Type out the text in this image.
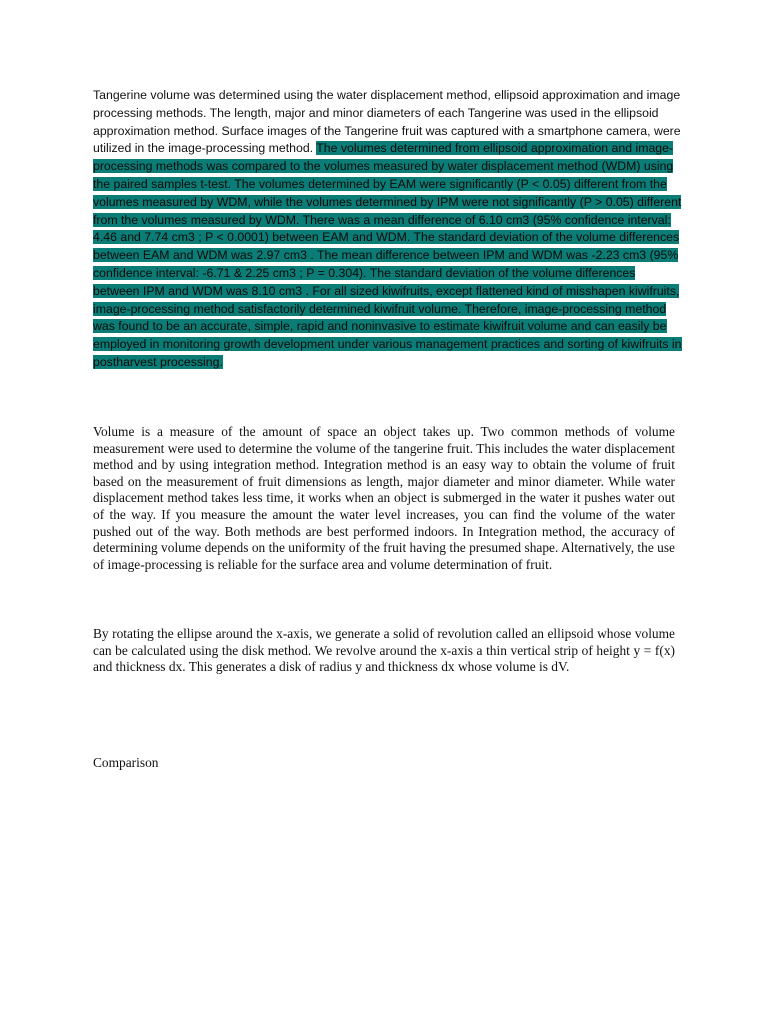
Tangerine volume was determined using the water displacement method, ellipsoid approximation and image processing methods. The length, major and minor diameters of each Tangerine was used in the ellipsoid approximation method. Surface images of the Tangerine fruit was captured with a smartphone camera, were utilized in the image-processing method. The volumes determined from ellipsoid approximation and image-processing methods was compared to the volumes measured by water displacement method (WDM) using the paired samples t-test. The volumes determined by EAM were significantly (P < 0.05) different from the volumes measured by WDM, while the volumes determined by IPM were not significantly (P > 0.05) different from the volumes measured by WDM. There was a mean difference of 6.10 cm3 (95% confidence interval: 4.46 and 7.74 cm3 ; P < 0.0001) between EAM and WDM. The standard deviation of the volume differences between EAM and WDM was 2.97 cm3 . The mean difference between IPM and WDM was -2.23 cm3 (95% confidence interval: -6.71 & 2.25 cm3 ; P = 0.304). The standard deviation of the volume differences between IPM and WDM was 8.10 cm3 . For all sized kiwifruits, except flattened kind of misshapen kiwifruits, image-processing method satisfactorily determined kiwifruit volume. Therefore, image-processing method was found to be an accurate, simple, rapid and noninvasive to estimate kiwifruit volume and can easily be employed in monitoring growth development under various management practices and sorting of kiwifruits in postharvest processing.

Volume is a measure of the amount of space an object takes up. Two common methods of volume measurement were used to determine the volume of the tangerine fruit. This includes the water displacement method and by using integration method. Integration method is an easy way to obtain the volume of fruit based on the measurement of fruit dimensions as length, major diameter and minor diameter. While water displacement method takes less time, it works when an object is submerged in the water it pushes water out of the way. If you measure the amount the water level increases, you can find the volume of the water pushed out of the way. Both methods are best performed indoors. In Integration method, the accuracy of determining volume depends on the uniformity of the fruit having the presumed shape. Alternatively, the use of image-processing is reliable for the surface area and volume determination of fruit.

By rotating the ellipse around the x-axis, we generate a solid of revolution called an ellipsoid whose volume can be calculated using the disk method. We revolve around the x-axis a thin vertical strip of height y = f(x) and thickness dx. This generates a disk of radius y and thickness dx whose volume is dV.

Comparison
